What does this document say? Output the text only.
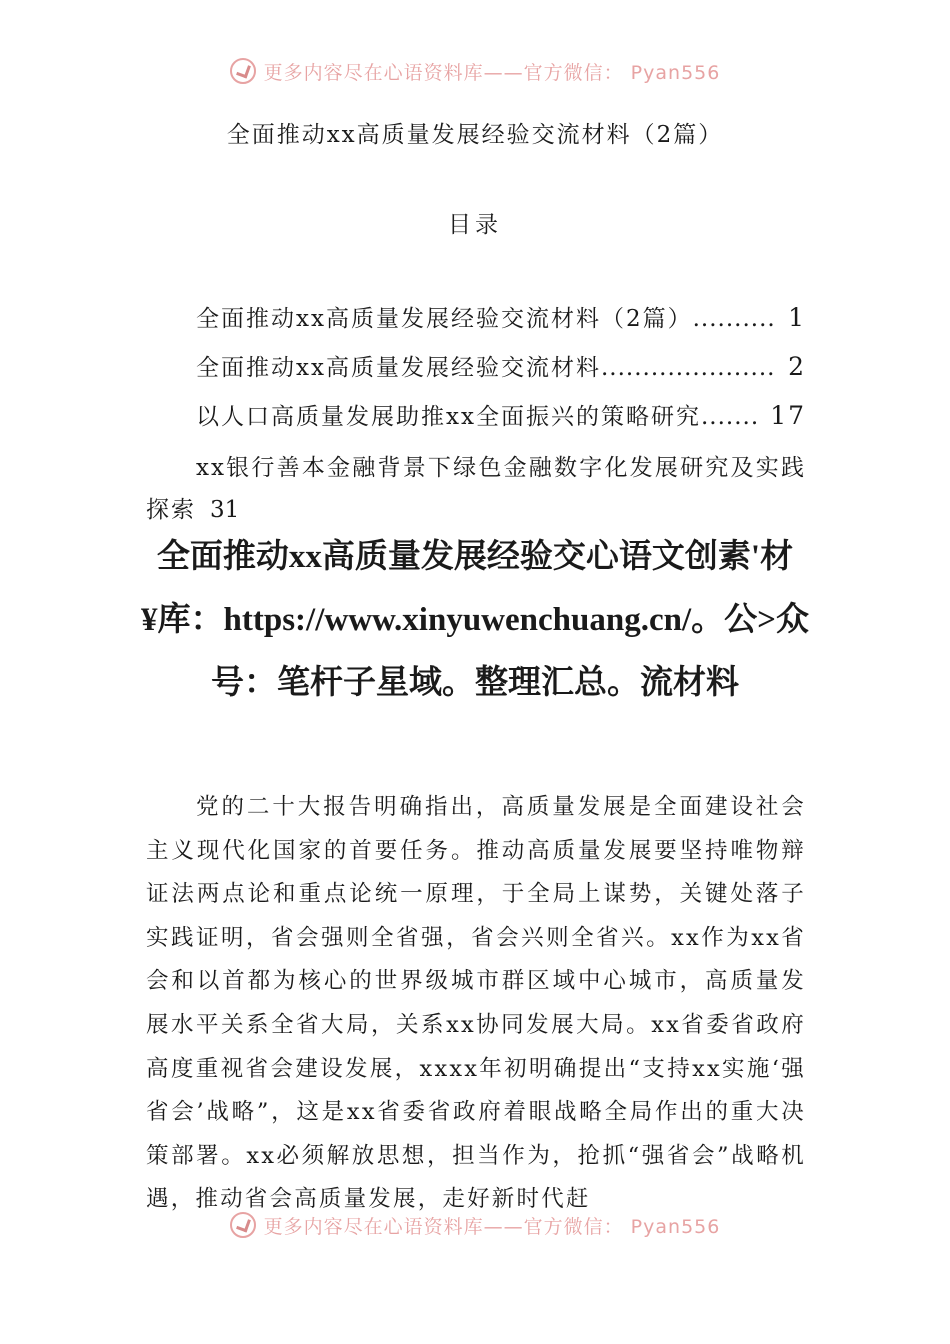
更多内容尽在心语资料库——官方微信： Pyan556
全面推动xx高质量发展经验交流材料（2篇）
目录
全面推动xx高质量发展经验交流材料（2篇） .......... 1
全面推动xx高质量发展经验交流材料 ..................... 2
以人口高质量发展助推xx全面振兴的策略研究 ....... 17
xx银行善本金融背景下绿色金融数字化发展研究及实践探索 31
全面推动xx高质量发展经验交心语文创素'材¥库：https://www.xinyuwenchuang.cn/。公>众号：笔杆子星域。整理汇总。流材料
党的二十大报告明确指出，高质量发展是全面建设社会主义现代化国家的首要任务。推动高质量发展要坚持唯物辩证法两点论和重点论统一原理，于全局上谋势，关键处落子实践证明，省会强则全省强，省会兴则全省兴。xx作为xx省会和以首都为核心的世界级城市群区域中心城市，高质量发展水平关系全省大局，关系xx协同发展大局。xx省委省政府高度重视省会建设发展，xxxx年初明确提出“支持xx实施‘强省会’战略”，这是xx省委省政府着眼战略全局作出的重大决策部署。xx必须解放思想，担当作为，抢抓“强省会”战略机遇，推动省会高质量发展，走好新时代赶
更多内容尽在心语资料库——官方微信： Pyan556
